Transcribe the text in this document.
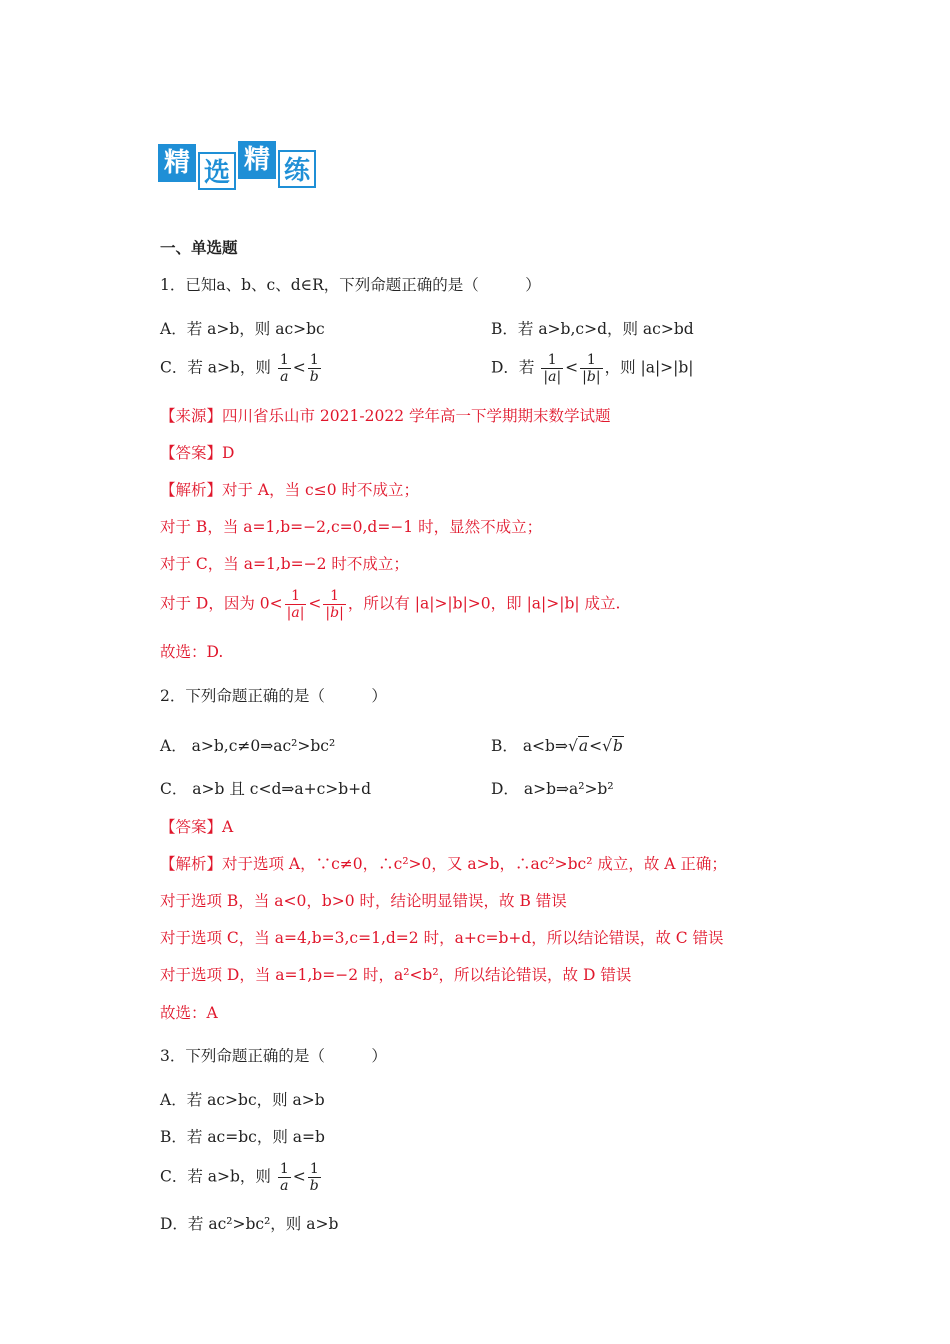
精 选 精 练
一、单选题
1．已知a、b、c、d∈R，下列命题正确的是（　　　）
A．若 a>b，则 ac>bc	B．若 a>b,c>d，则 ac>bd
C．若 a>b，则 $\frac{1}{a} < \frac{1}{b}$	D．若 $\frac{1}{|a|} < \frac{1}{|b|}$ ，则 |a|>|b|
【来源】四川省乐山市 2021-2022 学年高一下学期期末数学试题
【答案】D
【解析】对于 A，当 c≤0 时不成立；
对于 B，当 a=1,b=−2,c=0,d=−1 时，显然不成立；
对于 C，当 a=1,b=−2 时不成立；
对于 D，因为 $0< \frac{1}{|a|} < \frac{1}{|b|}$ ，所以有 |a|>|b|>0，即 |a|>|b| 成立.
故选：D.
2．下列命题正确的是（　　　）
A． a>b,c≠0⇒ac²>bc²	B． a<b⇒√a<√b
C． a>b 且 c<d⇒a+c>b+d	D． a>b⇒a²>b²
【答案】A
【解析】对于选项 A，∵c≠0，∴c²>0，又 a>b，∴ac²>bc² 成立，故 A 正确；
对于选项 B，当 a<0，b>0 时，结论明显错误，故 B 错误
对于选项 C，当 a=4,b=3,c=1,d=2 时，a+c=b+d，所以结论错误，故 C 错误
对于选项 D，当 a=1,b=−2 时，a²<b²，所以结论错误，故 D 错误
故选：A
3．下列命题正确的是（　　　）
A．若 ac>bc，则 a>b
B．若 ac=bc，则 a=b
C．若 a>b，则 $\frac{1}{a} < \frac{1}{b}$
D．若 ac²>bc²，则 a>b
